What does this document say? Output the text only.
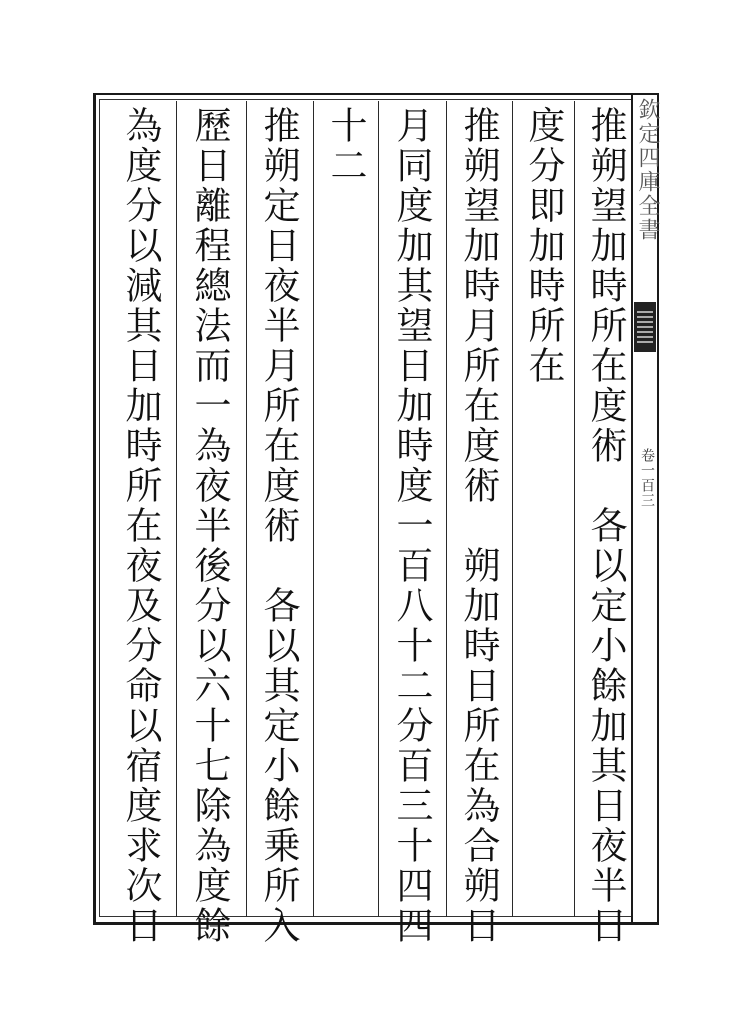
欽定四庫全書
卷一百三
推朔望加時所在度術　各以定小餘加其日夜半日
度分即加時所在
推朔望加時月所在度術　朔加時日所在為合朔日
月同度加其望日加時度一百八十二分百三十四四
十二
推朔定日夜半月所在度術　各以其定小餘乗所入
歷日離程總法而一為夜半後分以六十七除為度餘
為度分以減其日加時所在夜及分命以宿度求次日
